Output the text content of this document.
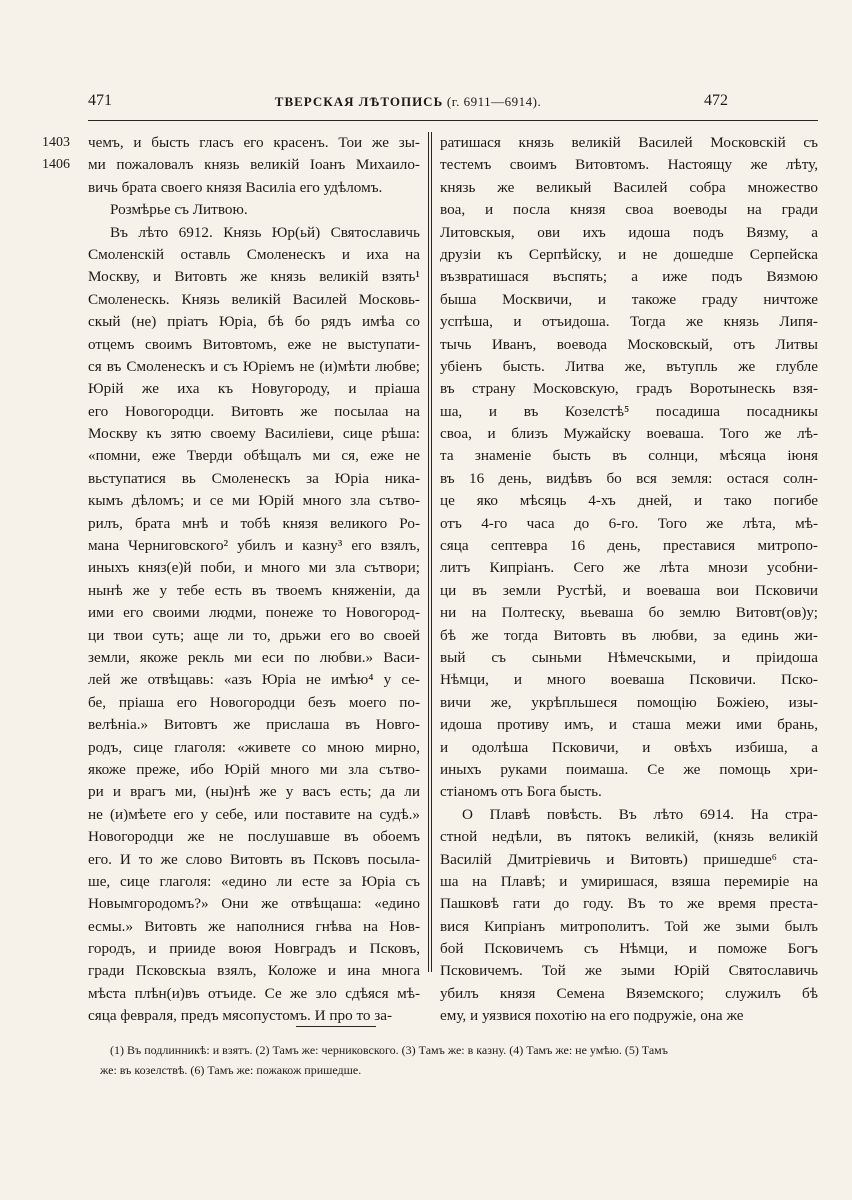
471	ТВЕРСКАЯ ЛѢТОПИСЬ (г. 6911—6914).	472
1403
1406
чемъ, и бысть гласъ его красенъ. Тои же зы-
ми пожаловалъ князь великій Іоанъ Михаило-
вичь брата своего князя Василіа его удѣломъ.
Розмѣрье съ Литвою.
Въ лѣто 6912. Князь Юр(ьй) Святославичь
Смоленскій оставль Смоленескъ и иха на
Москву, и Витовть же князь великій взять¹
Смоленескь. Князь великій Василей Московь-
скый (не) пріатъ Юріа, бѣ бо рядъ имѣа со
отцемъ своимъ Витовтомъ, еже не выступати-
ся въ Смоленескъ и съ Юріемъ не (и)мѣти любве;
Юрій же иха къ Новугороду, и пріаша
его Новогородци. Витовть же посылаа на
Москву къ зятю своему Василіеви, сице рѣша:
«помни, еже Тверди обѣщалъ ми ся, еже не
вьступатися вь Смоленескъ за Юріа ника-
кымъ дѣломъ; и се ми Юрій много зла сътво-
рилъ, брата мнѣ и тобѣ князя великого Ро-
мана Черниговского² убилъ и казну³ его взялъ,
иныхъ княз(е)й поби, и много ми зла сътвори;
нынѣ же у тебе есть въ твоемъ княженіи, да
ими его своими людми, понеже то Новогород-
ци твои суть; аще ли то, дрьжи его во своей
земли, якоже рекль ми еси по любви.» Васи-
лей же отвѣщавь: «азъ Юріа не имѣю⁴ у се-
бе, пріаша его Новогородци безъ моего по-
велѣніа.» Витовтъ же прислаша въ Новго-
родъ, сице глаголя: «живете со мною мирно,
якоже преже, ибо Юрій много ми зла сътво-
ри и врагъ ми, (ны)нѣ же у васъ есть; да ли
не (и)мѣете его у себе, или поставите на судѣ.»
Новогородци же не послушавше въ обоемъ
его. И то же слово Витовть въ Псковъ посыла-
ше, сице глаголя: «едино ли есте за Юріа съ
Новымгородомъ?» Они же отвѣщаша: «едино
есмы.» Витовть же наполнися гнѣва на Нов-
городъ, и прииде воюя Новградъ и Псковъ,
гради Псковскыа взялъ, Коложе и ина многа
мѣста плѣн(и)въ отъиде. Се же зло сдѣяся мѣ-
сяца февраля, предъ мясопустомъ. И про то за-
ратишася князь великій Василей Московскій съ
тестемъ своимъ Витовтомъ. Настоящу же лѣту,
князь же великый Василей собра множество
воа, и посла князя своа воеводы на гради
Литовскыя, ови ихъ идоша подъ Вязму, а
друзіи къ Серпѣйску, и не дошедше Серпейска
възвратишася въспять; а иже подъ Вязмою
быша Москвичи, и такоже граду ничтоже
успѣша, и отъидоша. Тогда же князь Липя-
тычь Иванъ, воевода Московскый, отъ Литвы
убіенъ бысть. Литва же, вътупль же глубле
въ страну Московскую, градъ Воротынескь взя-
ша, и въ Козелстѣ⁵ посадиша посадникы
своа, и близъ Мужайску воеваша. Того же лѣ-
та знаменіе бысть въ солнци, мѣсяца іюня
въ 16 день, видѣвъ бо вся земля: остася солн-
це яко мѣсяць 4-хъ дней, и тако погибе
отъ 4-го часа до 6-го. Того же лѣта, мѣ-
сяца септевра 16 день, преставися митропо-
литъ Кипріанъ. Сего же лѣта мнози усобни-
ци въ земли Рустѣй, и воеваша вои Псковичи
ни на Полтеску, вьеваша бо землю Витовт(ов)у;
бѣ же тогда Витовть въ любви, за единь жи-
вый съ сыньми Нѣмечскыми, и пріидоша
Нѣмци, и много воеваша Псковичи. Пско-
вичи же, укрѣпльшеся помощію Божіею, изы-
идоша противу имъ, и сташа межи ими брань,
и одолѣша Псковичи, и овѣхъ избиша, а
иныхъ руками поимаша. Се же помощь хри-
стіаномъ отъ Бога бысть.
О Плавѣ повѣсть. Въ лѣто 6914. На стра-
стной недѣли, въ пятокъ великій, (князь великій
Василій Дмитріевичь и Витовть) пришедше⁶ ста-
ша на Плавѣ; и умиришася, взяша перемиріе на
Пашковѣ гати до году. Въ то же время преста-
вися Кипріанъ митрополитъ. Той же зыми былъ
бой Псковичемъ съ Нѣмци, и поможе Богъ
Псковичемъ. Той же зыми Юрій Святославичь
убилъ князя Семена Вяземского; служилъ бѣ
ему, и уязвися похотію на его подружіе, она же
(1) Въ подлинникѣ: и взятъ. (2) Тамъ же: черниковского. (3) Тамъ же: в казну. (4) Тамъ же: не умѣю. (5) Тамъ
же: въ козелствѣ. (6) Тамъ же: пожакож пришедше.
